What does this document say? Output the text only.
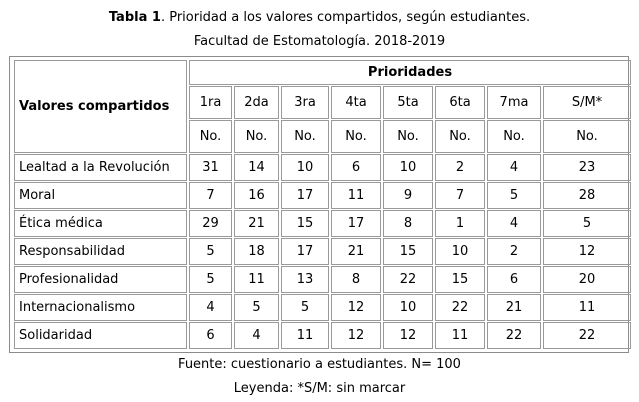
Tabla 1. Prioridad a los valores compartidos, según estudiantes.
Facultad de Estomatología. 2018-2019
Valores compartidos	Prioridades							
	1ra	2da	3ra	4ta	5ta	6ta	7ma	S/M*
	No.	No.	No.	No.	No.	No.	No.	No.
Lealtad a la Revolución	31	14	10	6	10	2	4	23
Moral	7	16	17	11	9	7	5	28
Ética médica	29	21	15	17	8	1	4	5
Responsabilidad	5	18	17	21	15	10	2	12
Profesionalidad	5	11	13	8	22	15	6	20
Internacionalismo	4	5	5	12	10	22	21	11
Solidaridad	6	4	11	12	12	11	22	22
Fuente: cuestionario a estudiantes. N= 100
Leyenda: *S/M: sin marcar
